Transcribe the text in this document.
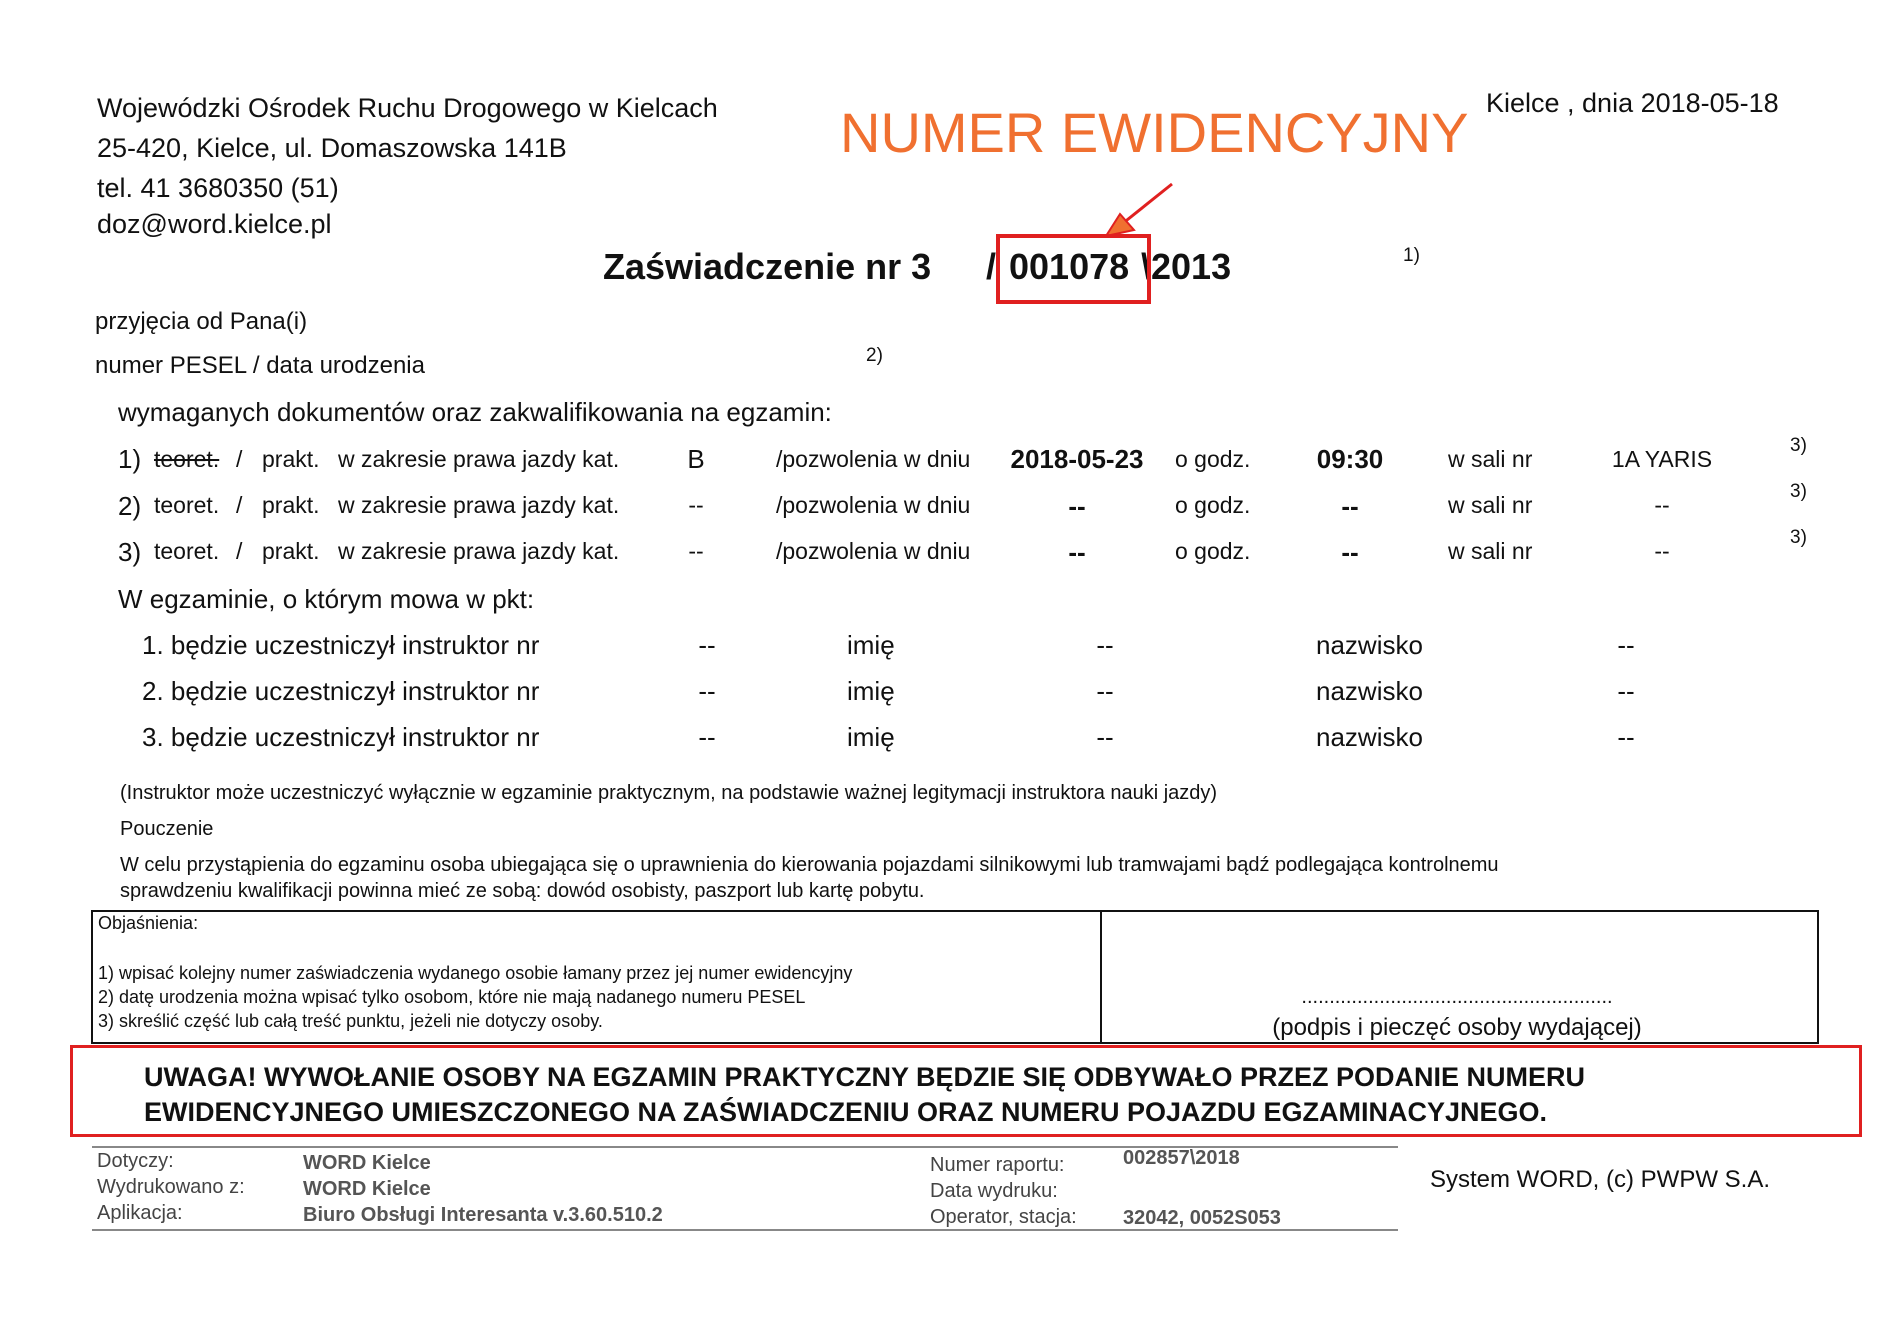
Wojewódzki Ośrodek Ruchu Drogowego w Kielcach
25-420, Kielce, ul. Domaszowska 141B
tel. 41 3680350 (51)
doz@word.kielce.pl
NUMER EWIDENCYJNY Kielce , dnia 2018-05-18
Zaświadczenie nr 3 / 001078 \2013	1)
przyjęcia od Pana(i)
numer PESEL / data urodzenia	2)
wymaganych dokumentów oraz zakwalifikowania na egzamin:
1) teoret. / prakt. w zakresie prawa jazdy kat.	B	/pozwolenia w dniu 2018-05-23 o godz.	09:30	w sali nr	1A YARIS
3)
2) teoret. / prakt. w zakresie prawa jazdy kat.	--	/pozwolenia w dniu	--	o godz.	--	w sali nr	--
3)
3) teoret. / prakt. w zakresie prawa jazdy kat.	--	/pozwolenia w dniu	--	o godz.	--	w sali nr	--
3)
W egzaminie, o którym mowa w pkt:
1. będzie uczestniczył instruktor nr	--	imię	--	nazwisko	--
2. będzie uczestniczył instruktor nr	--	imię	--	nazwisko	--
3. będzie uczestniczył instruktor nr	--	imię	--	nazwisko	--
(Instruktor może uczestniczyć wyłącznie w egzaminie praktycznym, na podstawie ważnej legitymacji instruktora nauki jazdy)
Pouczenie
W celu przystąpienia do egzaminu osoba ubiegająca się o uprawnienia do kierowania pojazdami silnikowymi lub tramwajami bądź podlegająca kontrolnemu
sprawdzeniu kwalifikacji powinna mieć ze sobą: dowód osobisty, paszport lub kartę pobytu.
Objaśnienia:
1) wpisać kolejny numer zaświadczenia wydanego osobie łamany przez jej numer ewidencyjny
2) datę urodzenia można wpisać tylko osobom, które nie mają nadanego numeru PESEL
3) skreślić część lub całą treść punktu, jeżeli nie dotyczy osoby.
........................................................
(podpis i pieczęć osoby wydającej)
UWAGA! WYWOŁANIE OSOBY NA EGZAMIN PRAKTYCZNY BĘDZIE SIĘ ODBYWAŁO PRZEZ PODANIE NUMERU
EWIDENCYJNEGO UMIESZCZONEGO NA ZAŚWIADCZENIU ORAZ NUMERU POJAZDU EGZAMINACYJNEGO.
Dotyczy:	WORD Kielce
Wydrukowano z:	WORD Kielce
Aplikacja:	Biuro Obsługi Interesanta v.3.60.510.2
Numer raportu:	002857\2018
Data wydruku:
Operator, stacja: 32042, 0052S053
System WORD, (c) PWPW S.A.
